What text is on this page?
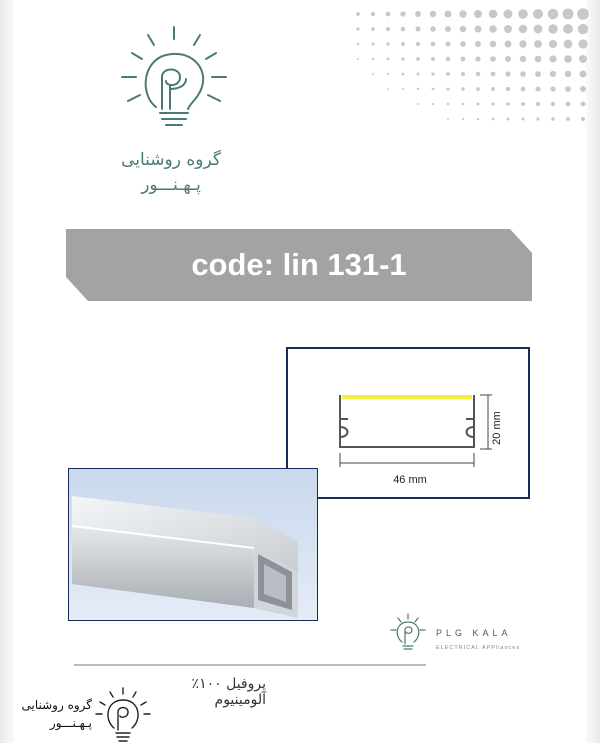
گروه روشنایی
پـهـنـــور
code: lin 131-1
20 mm
46 mm
PLG KALA
ELECTRICAL APPliances
پروفیل ۱۰۰٪ آلومینیوم
گروه روشنایی
پـهـنـــور
